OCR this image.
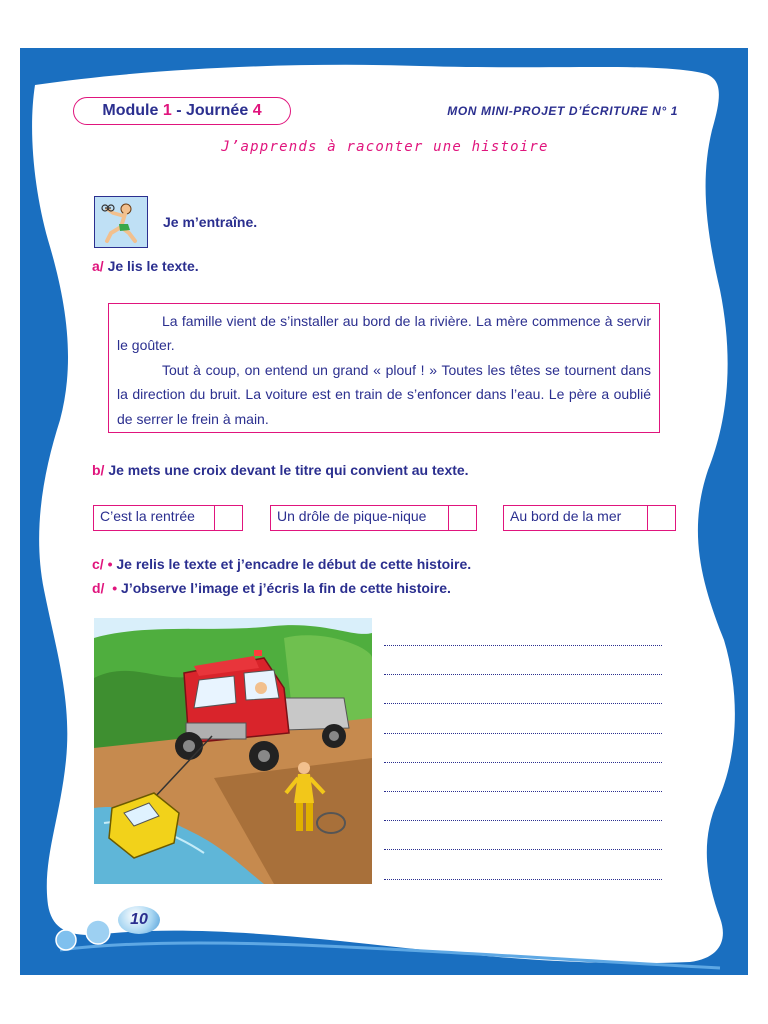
Module
1
-
Journée
4	MON MINI-PROJET D’ÉCRITURE N° 1
J’apprends à raconter une histoire
Je m’entraîne.
a/ Je lis le texte.

La famille vient de s’installer au bord de la rivière. La mère commence à servir le goûter.

Tout à coup, on entend un grand « plouf ! » Toutes les têtes se tournent dans la direction du bruit. La voiture est en train de s’enfoncer dans l’eau. Le père a oublié de serrer le frein à main.

b/ Je mets une croix devant le titre qui convient au texte.
C’est la rentrée	Un drôle de pique-nique	Au bord de la mer
c/ • Je relis le texte et j’encadre le début de cette histoire.
d/ • J’observe l’image et j’écris la fin de cette histoire.
10
